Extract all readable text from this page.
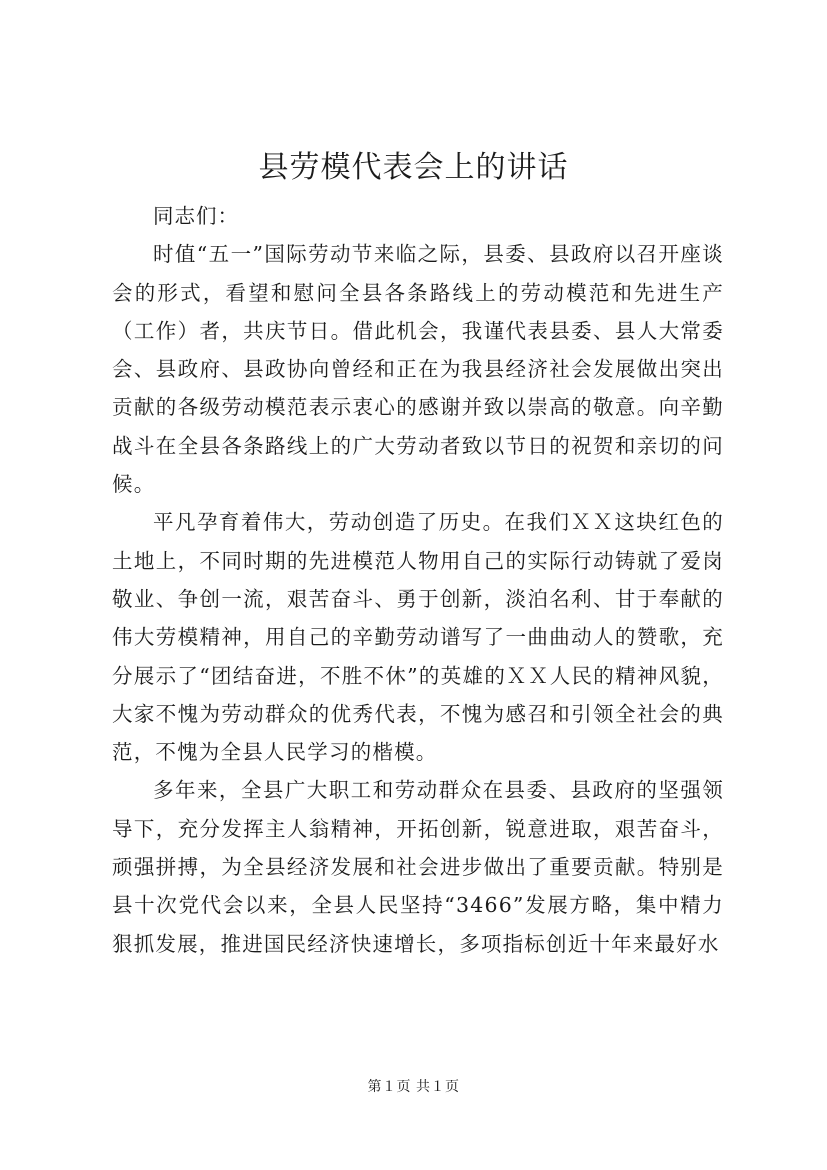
县劳模代表会上的讲话

同志们：

时值“五一”国际劳动节来临之际，县委、县政府以召开座谈会的形式，看望和慰问全县各条路线上的劳动模范和先进生产（工作）者，共庆节日。借此机会，我谨代表县委、县人大常委会、县政府、县政协向曾经和正在为我县经济社会发展做出突出贡献的各级劳动模范表示衷心的感谢并致以崇高的敬意。向辛勤战斗在全县各条路线上的广大劳动者致以节日的祝贺和亲切的问候。

平凡孕育着伟大，劳动创造了历史。在我们ＸＸ这块红色的土地上，不同时期的先进模范人物用自己的实际行动铸就了爱岗敬业、争创一流，艰苦奋斗、勇于创新，淡泊名利、甘于奉献的伟大劳模精神，用自己的辛勤劳动谱写了一曲曲动人的赞歌，充分展示了“团结奋进，不胜不休”的英雄的ＸＸ人民的精神风貌，大家不愧为劳动群众的优秀代表，不愧为感召和引领全社会的典范，不愧为全县人民学习的楷模。

多年来，全县广大职工和劳动群众在县委、县政府的坚强领导下，充分发挥主人翁精神，开拓创新，锐意进取，艰苦奋斗，顽强拼搏，为全县经济发展和社会进步做出了重要贡献。特别是县十次党代会以来，全县人民坚持“3466”发展方略，集中精力狠抓发展，推进国民经济快速增长，多项指标创近十年来最好水

第１页 共１页
